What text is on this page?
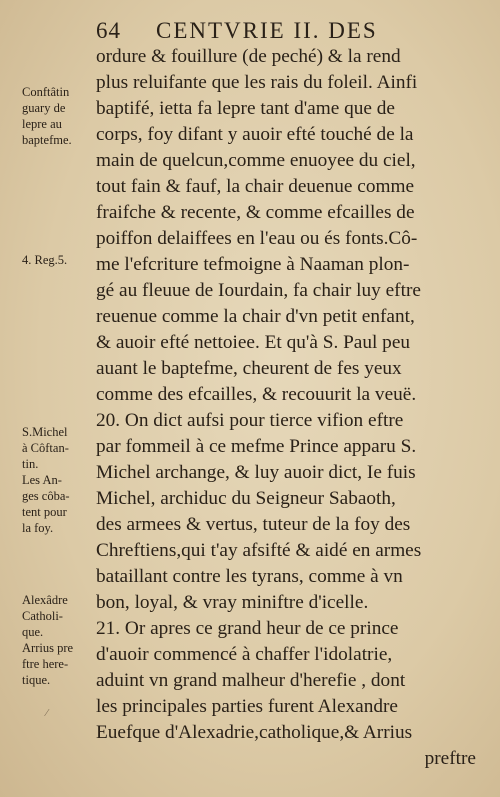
64 CENTVRIE II. DES
ordure & fouillure (de peché) & la rend
plus reluifante que les rais du foleil. Ainfi
baptifé, ietta fa lepre tant d'ame que de
corps, foy difant y auoir efté touché de la
main de quelcun,comme enuoyee du ciel,
tout fain & fauf, la chair deuenue comme
fraifche & recente, & comme efcailles de
poiffon delaiffees en l'eau ou és fonts.Cô-
me l'efcriture tefmoigne à Naaman plon-
gé au fleuue de Iourdain, fa chair luy eftre
reuenue comme la chair d'vn petit enfant,
& auoir efté nettoiee. Et qu'à S. Paul peu
auant le baptefme, cheurent de fes yeux
comme des efcailles, & recouurit la veuë.
20. On dict aufsi pour tierce vifion eftre
par fommeil à ce mefme Prince apparu S.
Michel archange, & luy auoir dict, Ie fuis
Michel, archiduc du Seigneur Sabaoth,
des armees & vertus, tuteur de la foy des
Chreftiens,qui t'ay afsifté & aidé en armes
bataillant contre les tyrans, comme à vn
bon, loyal, & vray miniftre d'icelle.
21. Or apres ce grand heur de ce prince
d'auoir commencé à chaffer l'idolatrie,
aduint vn grand malheur d'herefie , dont
les principales parties furent Alexandre
Euefque d'Alexadrie,catholique,& Arrius
preftre
Conftâtin
guary de
lepre au
baptefme.
4. Reg.5.
S.Michel
à Côftan-
tin.
Les An-
ges côba-
tent pour
la foy.
Alexâdre
Catholi-
que.
Arrius pre
ftre here-
tique.
⁄
